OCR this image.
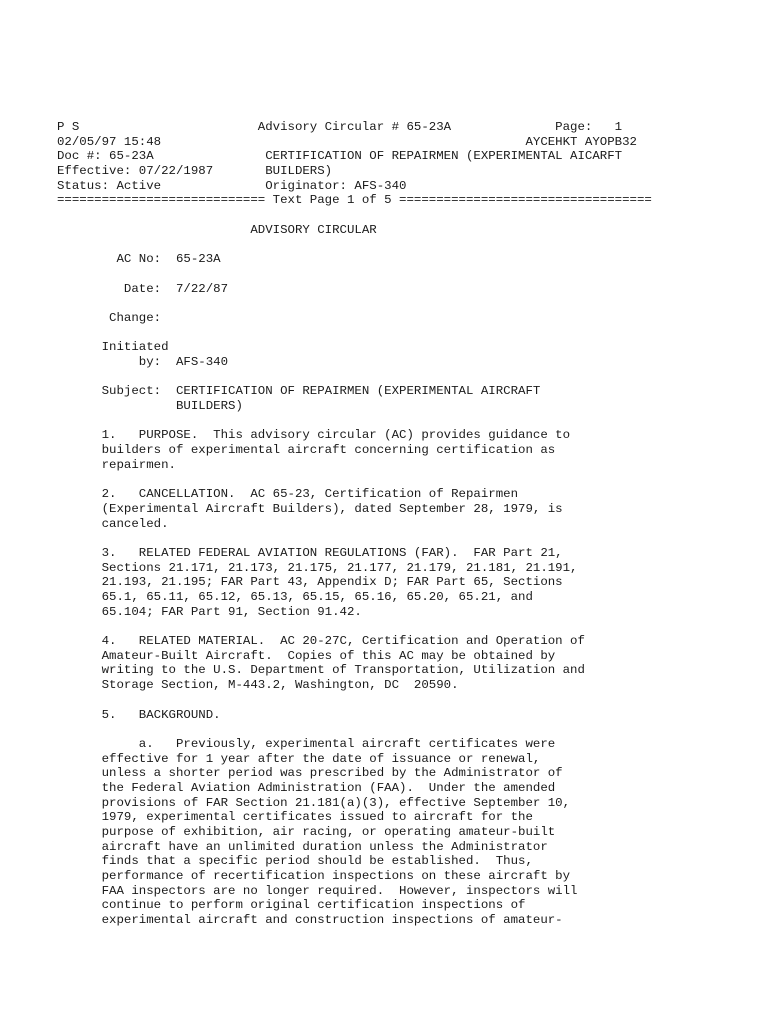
P S                        Advisory Circular # 65-23A              Page:   1
02/05/97 15:48                                                 AYCEHKT AYOPB32
Doc #: 65-23A               CERTIFICATION OF REPAIRMEN (EXPERIMENTAL AICARFT
Effective: 07/22/1987       BUILDERS)
Status: Active              Originator: AFS-340
============================ Text Page 1 of 5 ==================================
ADVISORY CIRCULAR
AC No:  65-23A
Date:  7/22/87
Change:
Initiated
by:  AFS-340
Subject:  CERTIFICATION OF REPAIRMEN (EXPERIMENTAL AIRCRAFT
BUILDERS)
1.   PURPOSE.  This advisory circular (AC) provides guidance to
builders of experimental aircraft concerning certification as
repairmen.
2.   CANCELLATION.  AC 65-23, Certification of Repairmen
(Experimental Aircraft Builders), dated September 28, 1979, is
canceled.
3.   RELATED FEDERAL AVIATION REGULATIONS (FAR).  FAR Part 21,
Sections 21.171, 21.173, 21.175, 21.177, 21.179, 21.181, 21.191,
21.193, 21.195; FAR Part 43, Appendix D; FAR Part 65, Sections
65.1, 65.11, 65.12, 65.13, 65.15, 65.16, 65.20, 65.21, and
65.104; FAR Part 91, Section 91.42.
4.   RELATED MATERIAL.  AC 20-27C, Certification and Operation of
Amateur-Built Aircraft.  Copies of this AC may be obtained by
writing to the U.S. Department of Transportation, Utilization and
Storage Section, M-443.2, Washington, DC  20590.
5.   BACKGROUND.
a.   Previously, experimental aircraft certificates were
effective for 1 year after the date of issuance or renewal,
unless a shorter period was prescribed by the Administrator of
the Federal Aviation Administration (FAA).  Under the amended
provisions of FAR Section 21.181(a)(3), effective September 10,
1979, experimental certificates issued to aircraft for the
purpose of exhibition, air racing, or operating amateur-built
aircraft have an unlimited duration unless the Administrator
finds that a specific period should be established.  Thus,
performance of recertification inspections on these aircraft by
FAA inspectors are no longer required.  However, inspectors will
continue to perform original certification inspections of
experimental aircraft and construction inspections of amateur-
